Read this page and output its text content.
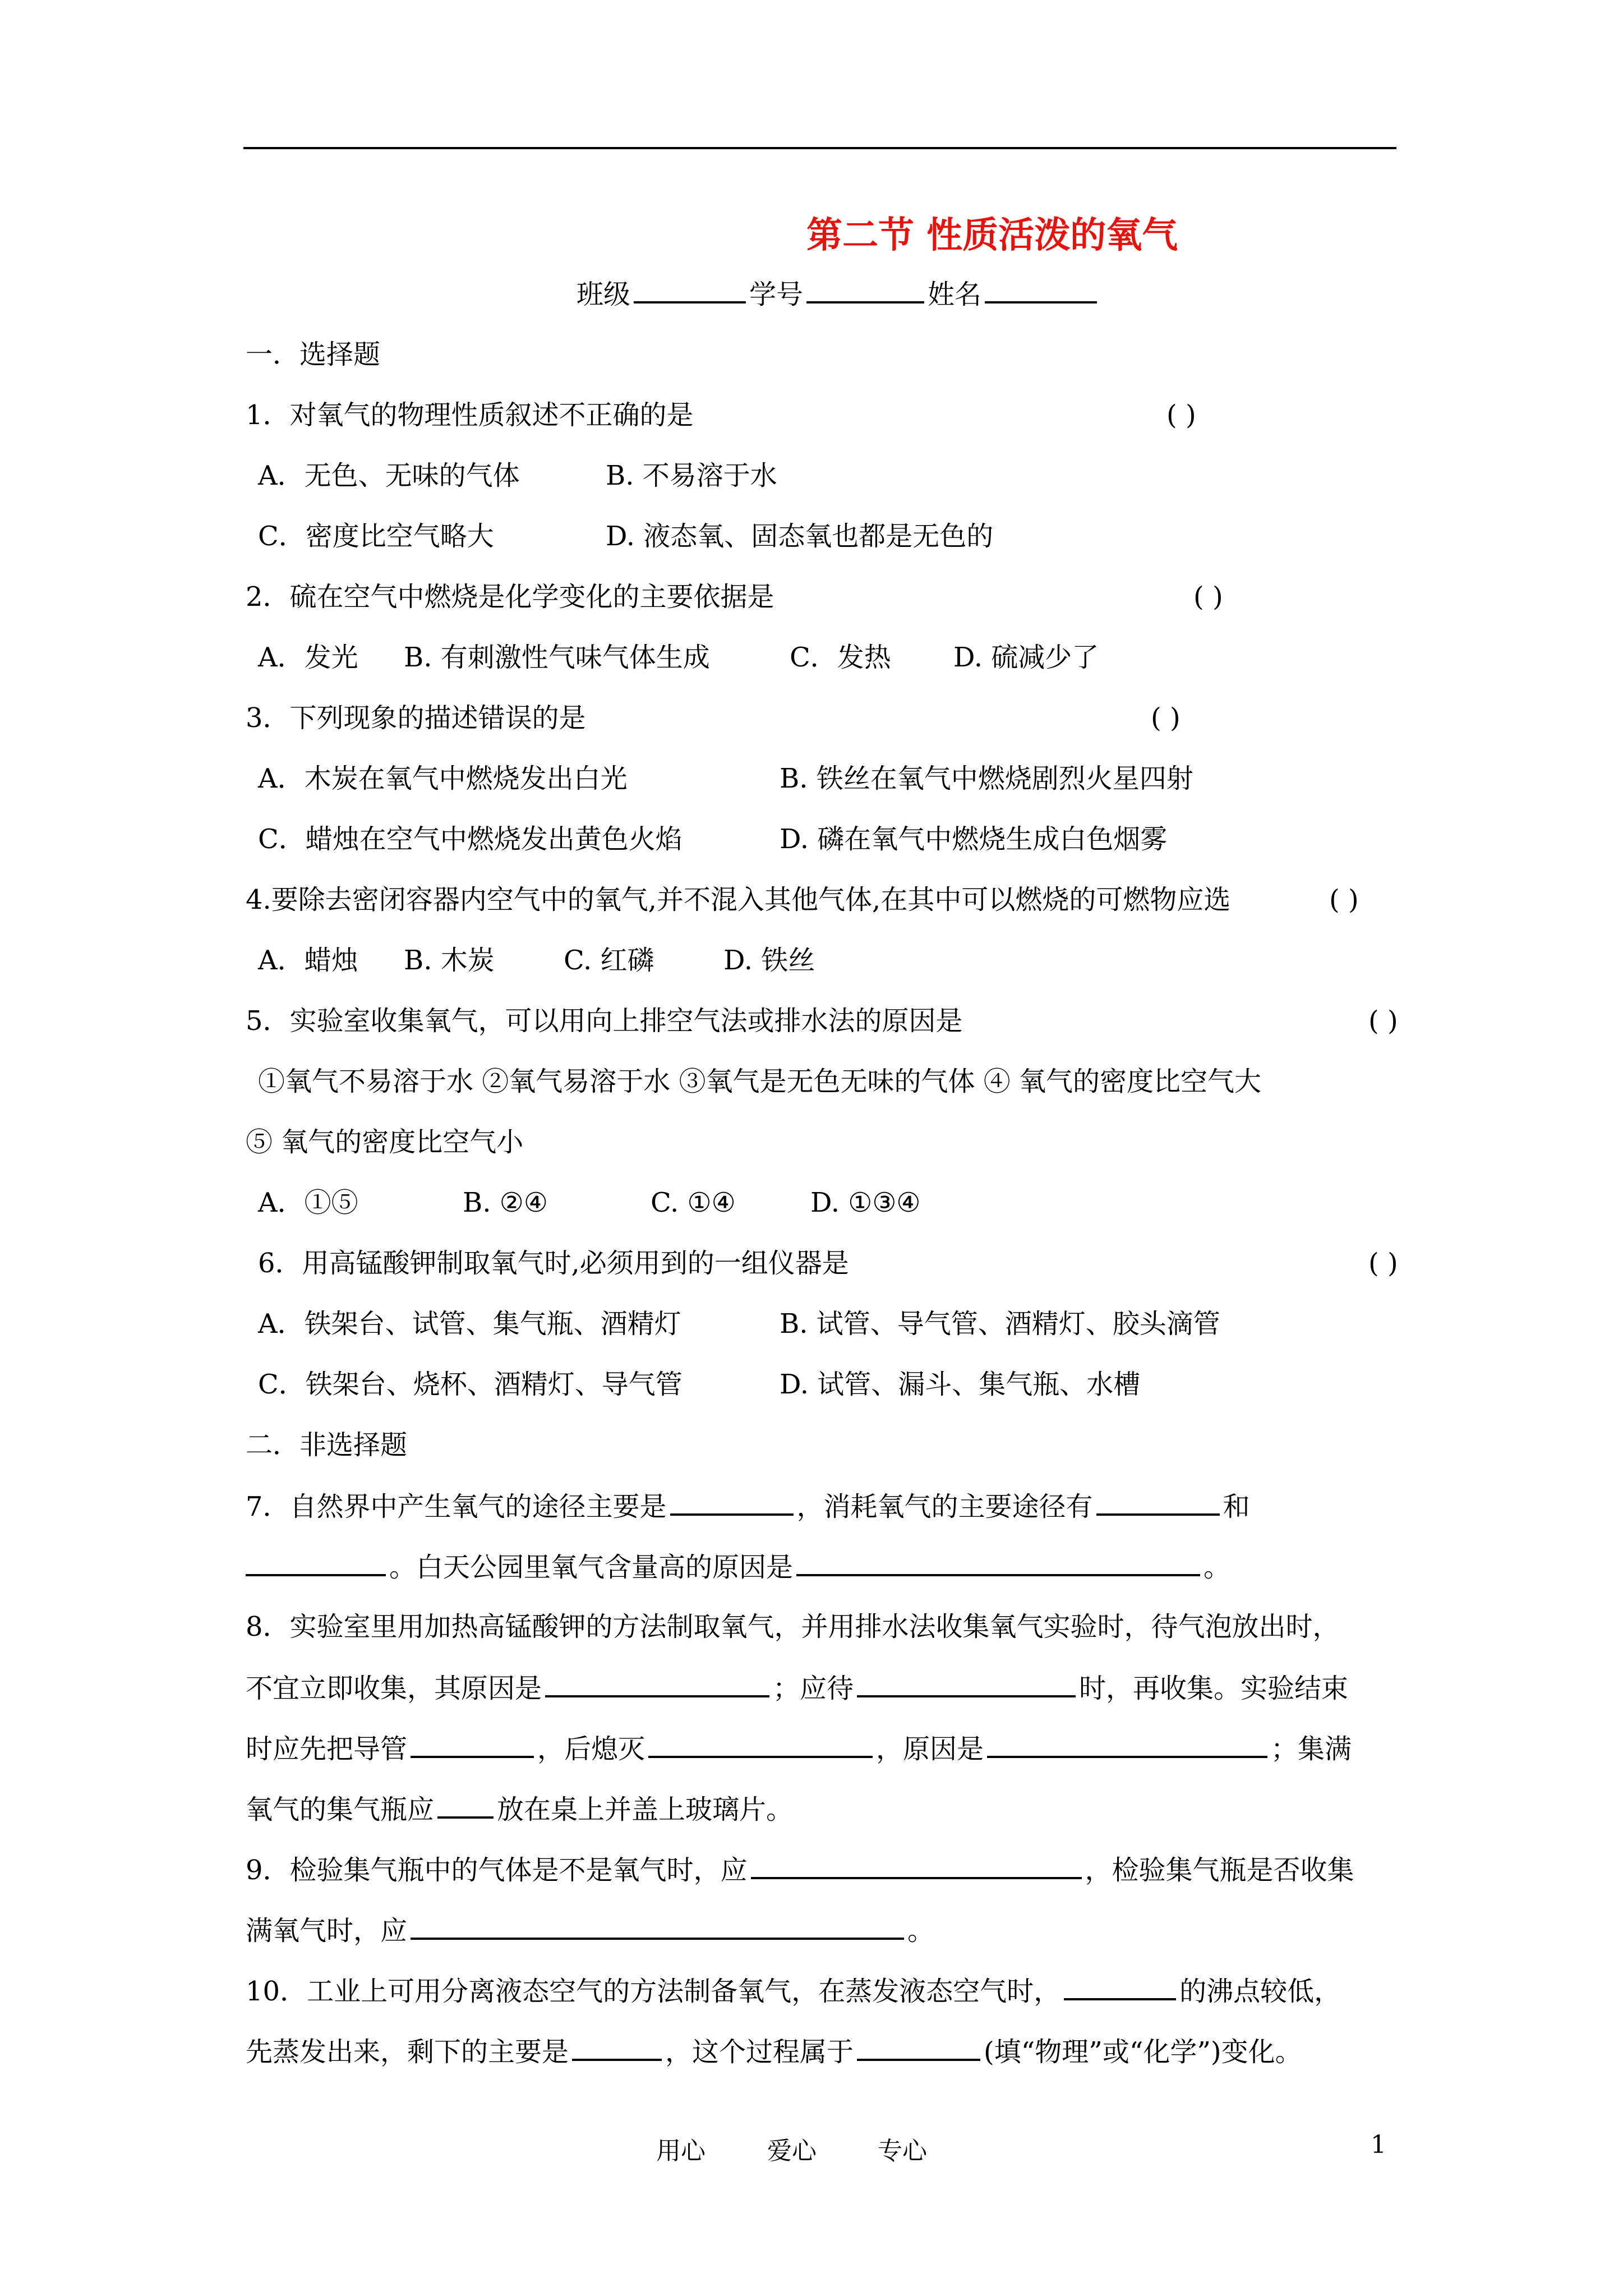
第二节 性质活泼的氧气
班级	学号	姓名
一．选择题
1．对氧气的物理性质叙述不正确的是	( )
A．无色、无味的气体	B. 不易溶于水
C．密度比空气略大	D. 液态氧、固态氧也都是无色的
2．硫在空气中燃烧是化学变化的主要依据是	( )
A．发光 B. 有刺激性气味气体生成	C．发热 D. 硫减少了
3．下列现象的描述错误的是	( )
A．木炭在氧气中燃烧发出白光	B. 铁丝在氧气中燃烧剧烈火星四射
C．蜡烛在空气中燃烧发出黄色火焰	D. 磷在氧气中燃烧生成白色烟雾
4.要除去密闭容器内空气中的氧气,并不混入其他气体,在其中可以燃烧的可燃物应选	( )
A．蜡烛 B. 木炭	C. 红磷	D. 铁丝
5．实验室收集氧气，可以用向上排空气法或排水法的原因是	( )
①氧气不易溶于水 ②氧气易溶于水 ③氧气是无色无味的气体 ④ 氧气的密度比空气大
⑤ 氧气的密度比空气小
A．①⑤	B. ②④	C. ①④	D. ①③④
6．用高锰酸钾制取氧气时,必须用到的一组仪器是	( )
A．铁架台、试管、集气瓶、酒精灯	B. 试管、导气管、酒精灯、胶头滴管
C．铁架台、烧杯、酒精灯、导气管	D. 试管、漏斗、集气瓶、水槽
二．非选择题
7．自然界中产生氧气的途径主要是	，消耗氧气的主要途径有	和
。白天公园里氧气含量高的原因是	。
8．实验室里用加热高锰酸钾的方法制取氧气，并用排水法收集氧气实验时，待气泡放出时，
不宜立即收集，其原因是	；应待	时，再收集。实验结束
时应先把导管	，后熄灭	，原因是	；集满
氧气的集气瓶应 放在桌上并盖上玻璃片。
9．检验集气瓶中的气体是不是氧气时，应	，检验集气瓶是否收集
满氧气时，应	。
10．工业上可用分离液态空气的方法制备氧气，在蒸发液态空气时，	的沸点较低，
先蒸发出来，剩下的主要是	，这个过程属于	(填“物理”或“化学”)变化。
用心	爱心 专心	1
